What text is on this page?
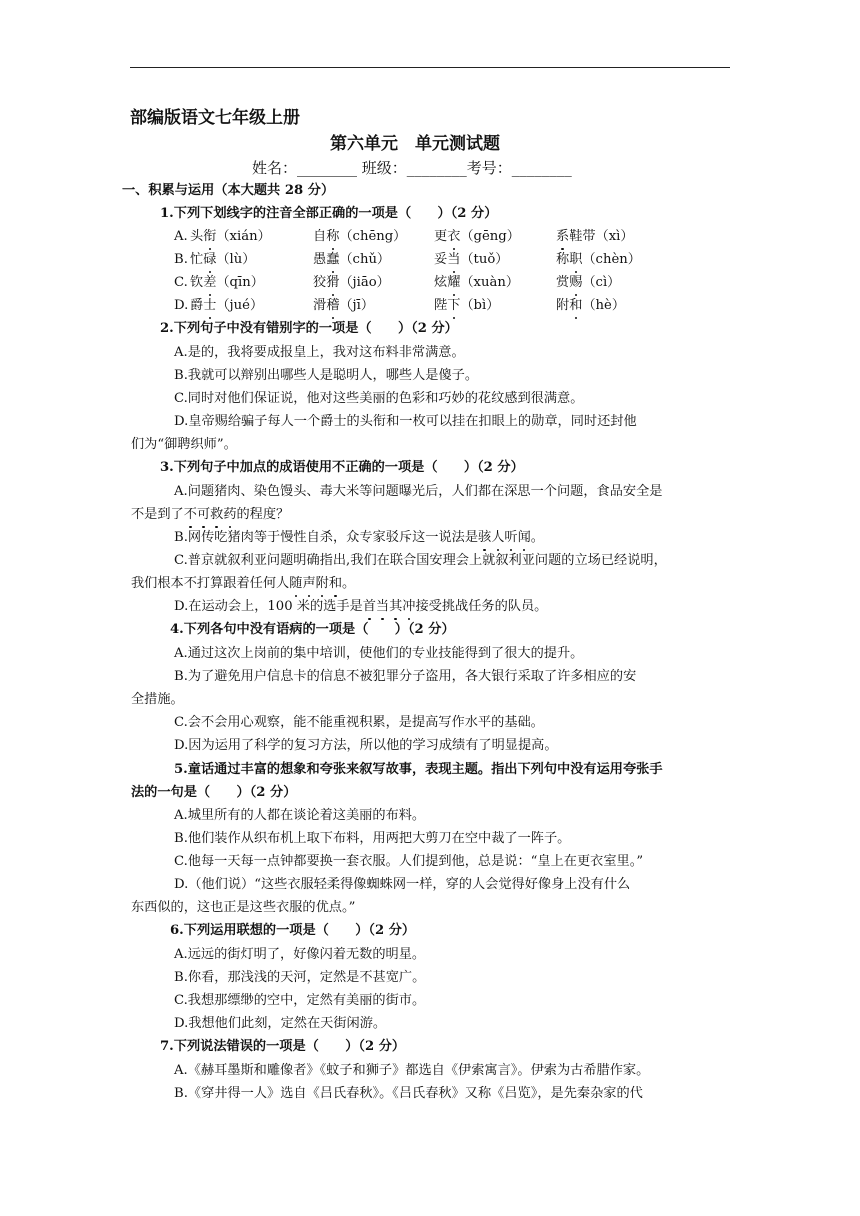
部编版语文七年级上册
第六单元　单元测试题
姓名：________ 班级：________考号：________
一、积累与运用（本大题共 28 分）
1.下列下划线字的注音全部正确的一项是（　　）（2 分）
A. 头衔（xián）	自称（chēng） 更衣（gēng）	系鞋带（xì）
B. 忙碌（lù）	愚蠢（chǔ）	妥当（tuǒ）	称职（chèn）
C. 钦差（qīn）	狡猾（jiāo）	炫耀（xuàn）	赏赐（cì）
D. 爵士（jué）	滑稽（jī）	陛下（bì）	附和（hè）
2.下列句子中没有错别字的一项是（　　）（2 分）
A.是的，我将要成报皇上，我对这布料非常满意。
B.我就可以辩别出哪些人是聪明人，哪些人是傻子。
C.同时对他们保证说，他对这些美丽的色彩和巧妙的花纹感到很满意。
D.皇帝赐给骗子每人一个爵士的头衔和一枚可以挂在扣眼上的勋章，同时还封他
们为“御聘织师”。
3.下列句子中加点的成语使用不正确的一项是（　　）（2 分）
A.问题猪肉、染色馒头、毒大米等问题曝光后，人们都在深思一个问题，食品安全是
不是到了不可救药的程度？
B.网传吃猪肉等于慢性自杀，众专家驳斥这一说法是骇人听闻。
C.普京就叙利亚问题明确指出,我们在联合国安理会上就叙利亚问题的立场已经说明，
我们根本不打算跟着任何人随声附和。
D.在运动会上，100 米的选手是首当其冲接受挑战任务的队员。
4.下列各句中没有语病的一项是（　　）（2 分）
A.通过这次上岗前的集中培训，使他们的专业技能得到了很大的提升。
B.为了避免用户信息卡的信息不被犯罪分子盗用，各大银行采取了许多相应的安
全措施。
C.会不会用心观察，能不能重视积累，是提高写作水平的基础。
D.因为运用了科学的复习方法，所以他的学习成绩有了明显提高。
5.童话通过丰富的想象和夸张来叙写故事，表现主题。指出下列句中没有运用夸张手
法的一句是（　　）（2 分）
A.城里所有的人都在谈论着这美丽的布料。
B.他们装作从织布机上取下布料，用两把大剪刀在空中裁了一阵子。
C.他每一天每一点钟都要换一套衣服。人们提到他，总是说：“皇上在更衣室里。”
D.（他们说）“这些衣服轻柔得像蜘蛛网一样，穿的人会觉得好像身上没有什么
东西似的，这也正是这些衣服的优点。”
6.下列运用联想的一项是（　　）（2 分）
A.远远的街灯明了，好像闪着无数的明星。
B.你看，那浅浅的天河，定然是不甚宽广。
C.我想那缥缈的空中，定然有美丽的街市。
D.我想他们此刻，定然在天街闲游。
7.下列说法错误的一项是（　　）（2 分）
A.《赫耳墨斯和雕像者》《蚊子和狮子》都选自《伊索寓言》。伊索为古希腊作家。
B.《穿井得一人》选自《吕氏春秋》。《吕氏春秋》又称《吕览》，是先秦杂家的代
